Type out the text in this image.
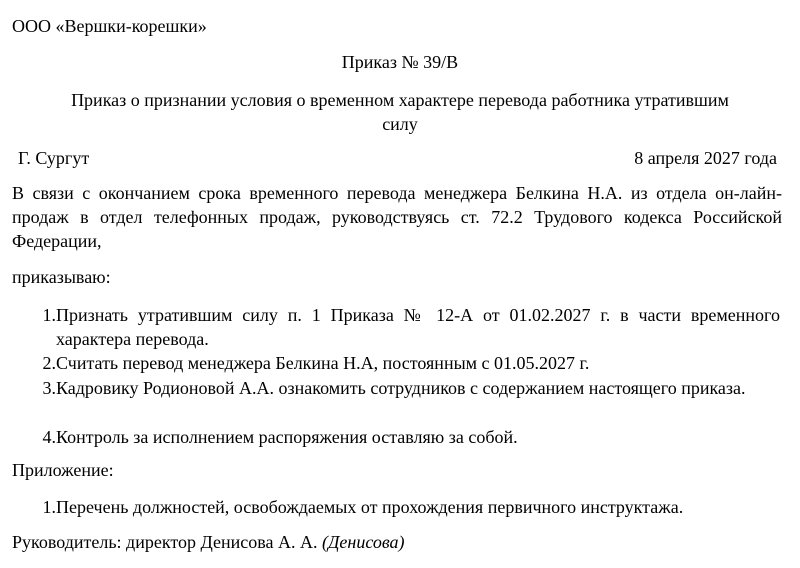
ООО «Вершки-корешки»
Приказ № 39/В
Приказ о признании условия о временном характере перевода работника утратившим
силу
Г. Сургут	8 апреля 2027 года
В связи с окончанием срока временного перевода менеджера Белкина Н.А. из отдела он-лайн-продаж в отдел телефонных продаж, руководствуясь ст. 72.2 Трудового кодекса Российской Федерации,
приказываю:
1. Признать утратившим силу п. 1 Приказа № 12-А от 01.02.2027 г. в части временного характера перевода.
2. Считать перевод менеджера Белкина Н.А, постоянным с 01.05.2027 г.
3. Кадровику Родионовой А.А. ознакомить сотрудников с содержанием настоящего приказа.
4. Контроль за исполнением распоряжения оставляю за собой.
Приложение:
1. Перечень должностей, освобождаемых от прохождения первичного инструктажа.
Руководитель: директор Денисова А. А. (Денисова)
